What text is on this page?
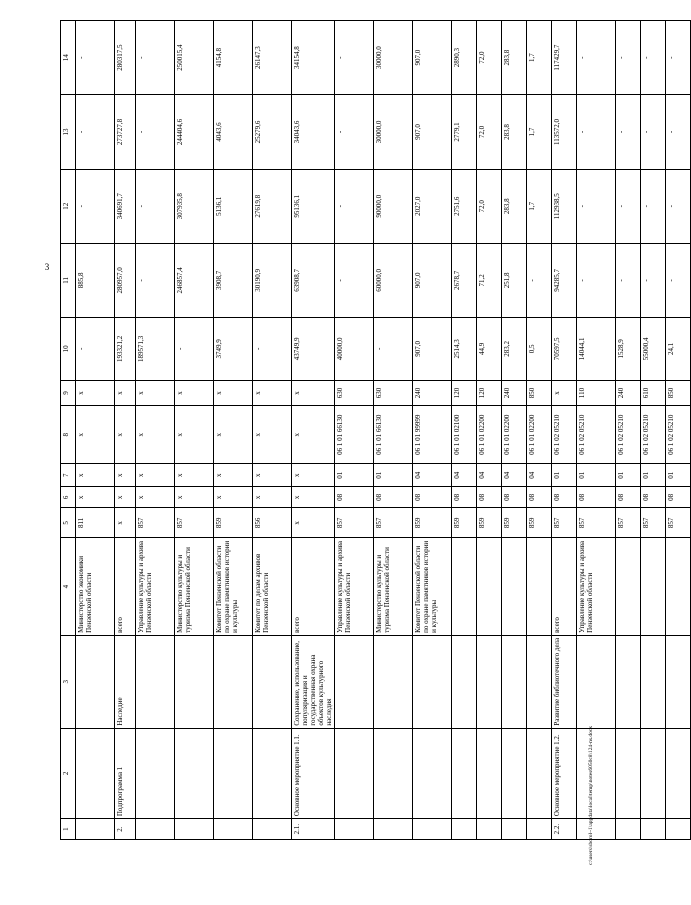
3
1	2	3	4	5	6	7	8	9	10	11	12	13	14
			Министерство экономики Пензенской области	811	х	х	х	х	-	885,8	-	-	-
2.	Подпрограмма 1	Наследие	всего	х	х	х	х	х	193321,2	280957,0	340691,7	273727,8	280317,5
			Управление культуры и архива Пензенской области	857	х	х	х	х	189571,3	-	-	-	-
			Министерство культуры и туризма Пензенской области	857	х	х	х	х	-	246857,4	307935,8	244404,6	250015,4
			Комитет Пензенской области по охране памятников истории и культуры	859	х	х	х	х	3749,9	3908,7	5136,1	4043,6	4154,8
			Комитет по делам архивов Пензенской области	856	х	х	х	х	-	30190,9	27619,8	25279,6	26147,3
2.1.	Основное мероприятие 1.1.	Сохранение, использование, популяризация и государственная охрана объектов культурного наследия	всего	х	х	х	х	х	43749,9	63908,7	95136,1	34043,6	34154,8
			Управление культуры и архива Пензенской области	857	08	01	06 1 01 66130	630	40000,0	-	-	-	-
			Министерство культуры и туризма Пензенской области	857	08	01	06 1 01 66130	630	-	60000,0	90000,0	30000,0	30000,0
			Комитет Пензенской области по охране памятников истории и культуры	859	08	04	06 1 01 99999	240	907,0	907,0	2027,0	907,0	907,0
				859	08	04	06 1 01 02100	120	2514,3	2678,7	2751,6	2779,1	2890,3
				859	08	04	06 1 01 02200	120	44,9	71,2	72,0	72,0	72,0
				859	08	04	06 1 01 02200	240	283,2	251,8	283,8	283,8	283,8
				859	08	04	06 1 01 02200	850	0,5	-	1,7	1,7	1,7
2.2.	Основное мероприятие 1.2.	Развитие библиотечного дела	всего	857	08	01	06 1 02 05210	х	70597,5	94285,7	112938,5	113572,0	117429,7
			Управление культуры и архива Пензенской области	857	08	01	06 1 02 05210	110	14044,1	-	-	-	-
				857	08	01	06 1 02 05210	240	1528,9	-	-	-	-
				857	08	01	06 1 02 05210	610	55000,4	-	-	-	-
				857	08	01	06 1 02 05210	850	24,1	-	-	-	-
c:\users\sborol~1\appdata\local\temp\notes6050c8\124-ns.docx
